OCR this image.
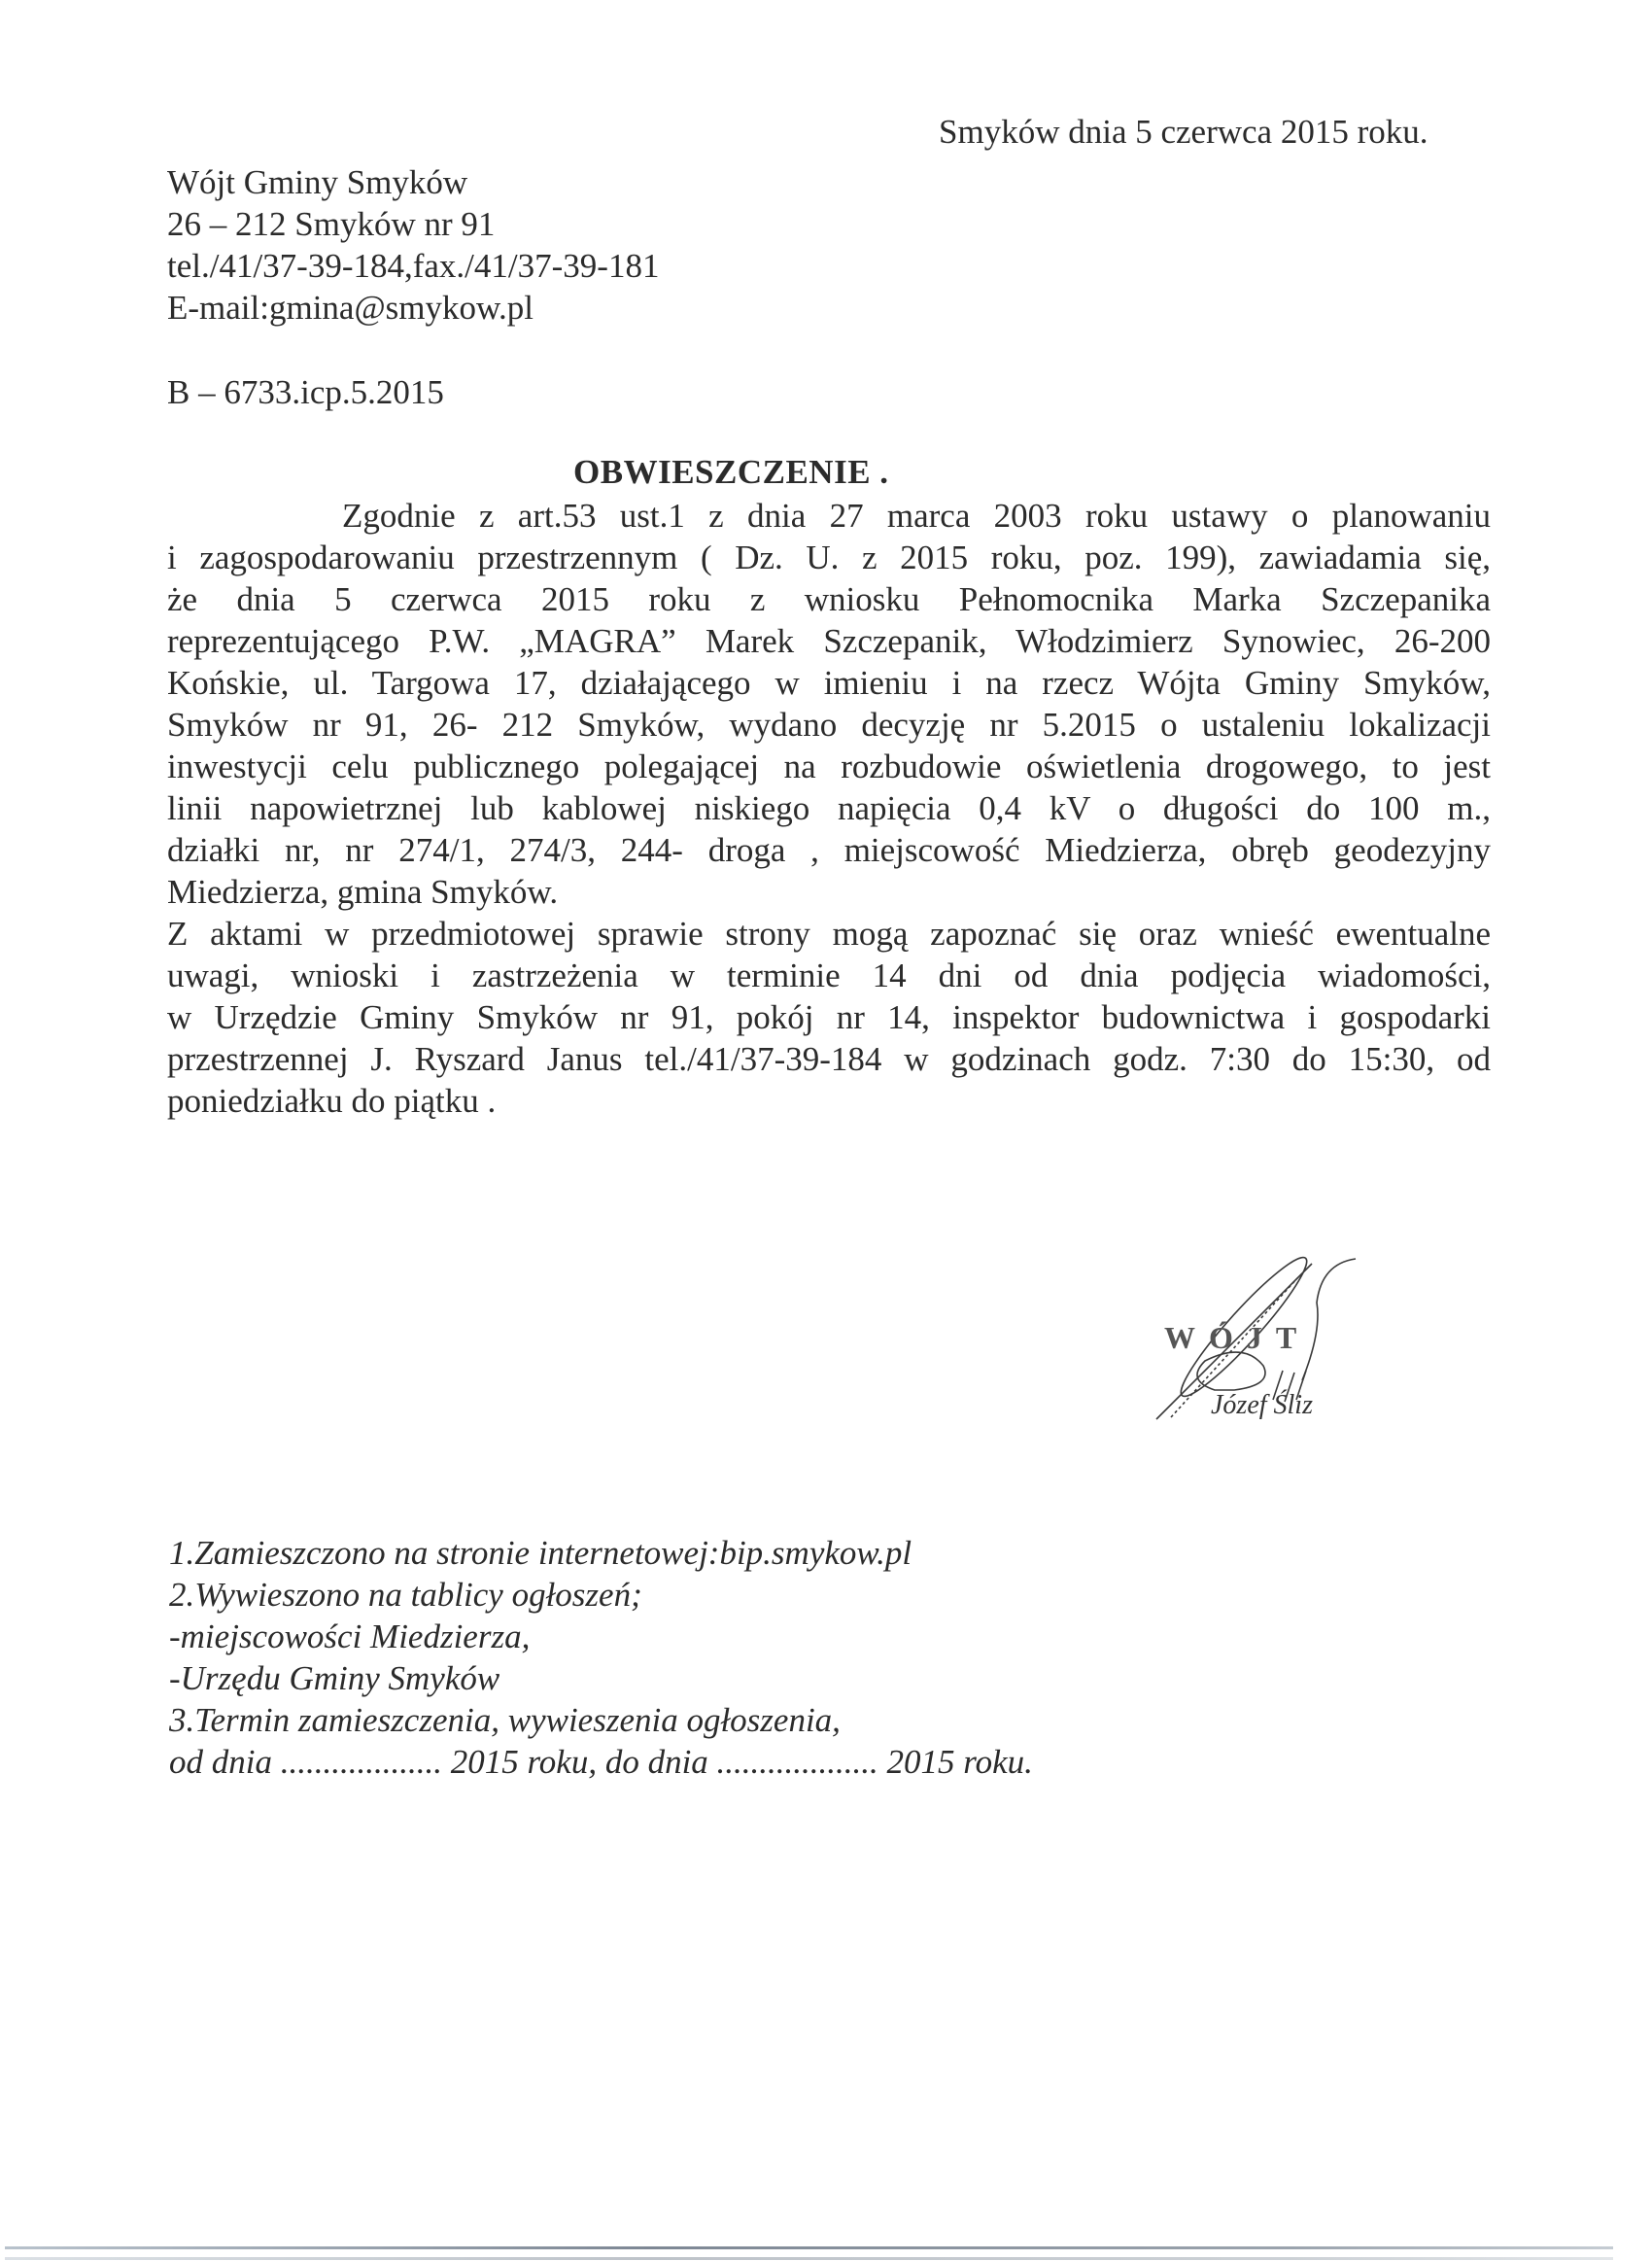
Smyków dnia 5 czerwca 2015 roku.
Wójt Gminy Smyków
26 – 212 Smyków nr 91
tel./41/37-39-184,fax./41/37-39-181
E-mail:gmina@smykow.pl
B – 6733.icp.5.2015
OBWIESZCZENIE .
Zgodnie z art.53 ust.1 z dnia 27 marca 2003 roku ustawy o planowaniu
i zagospodarowaniu przestrzennym ( Dz. U. z 2015 roku, poz. 199), zawiadamia się,
że dnia 5 czerwca 2015 roku z wniosku Pełnomocnika Marka Szczepanika
reprezentującego P.W. „MAGRA” Marek Szczepanik, Włodzimierz Synowiec, 26-200
Końskie, ul. Targowa 17, działającego w imieniu i na rzecz Wójta Gminy Smyków,
Smyków nr 91, 26- 212 Smyków, wydano decyzję nr 5.2015 o ustaleniu lokalizacji
inwestycji celu publicznego polegającej na rozbudowie oświetlenia drogowego, to jest
linii napowietrznej lub kablowej niskiego napięcia 0,4 kV o długości do 100 m.,
działki nr, nr 274/1, 274/3, 244- droga , miejscowość Miedzierza, obręb geodezyjny
Miedzierza, gmina Smyków.
Z aktami w przedmiotowej sprawie strony mogą zapoznać się oraz wnieść ewentualne
uwagi, wnioski i zastrzeżenia w terminie 14 dni od dnia podjęcia wiadomości,
w Urzędzie Gminy Smyków nr 91, pokój nr 14, inspektor budownictwa i gospodarki
przestrzennej J. Ryszard Janus tel./41/37-39-184 w godzinach godz. 7:30 do 15:30, od
poniedziałku do piątku .
WÓJT
Józef Śliz
1.Zamieszczono na stronie internetowej:bip.smykow.pl
2.Wywieszono na tablicy ogłoszeń;
-miejscowości Miedzierza,
-Urzędu Gminy Smyków
3.Termin zamieszczenia, wywieszenia ogłoszenia,
od dnia ................... 2015 roku, do dnia ................... 2015 roku.
